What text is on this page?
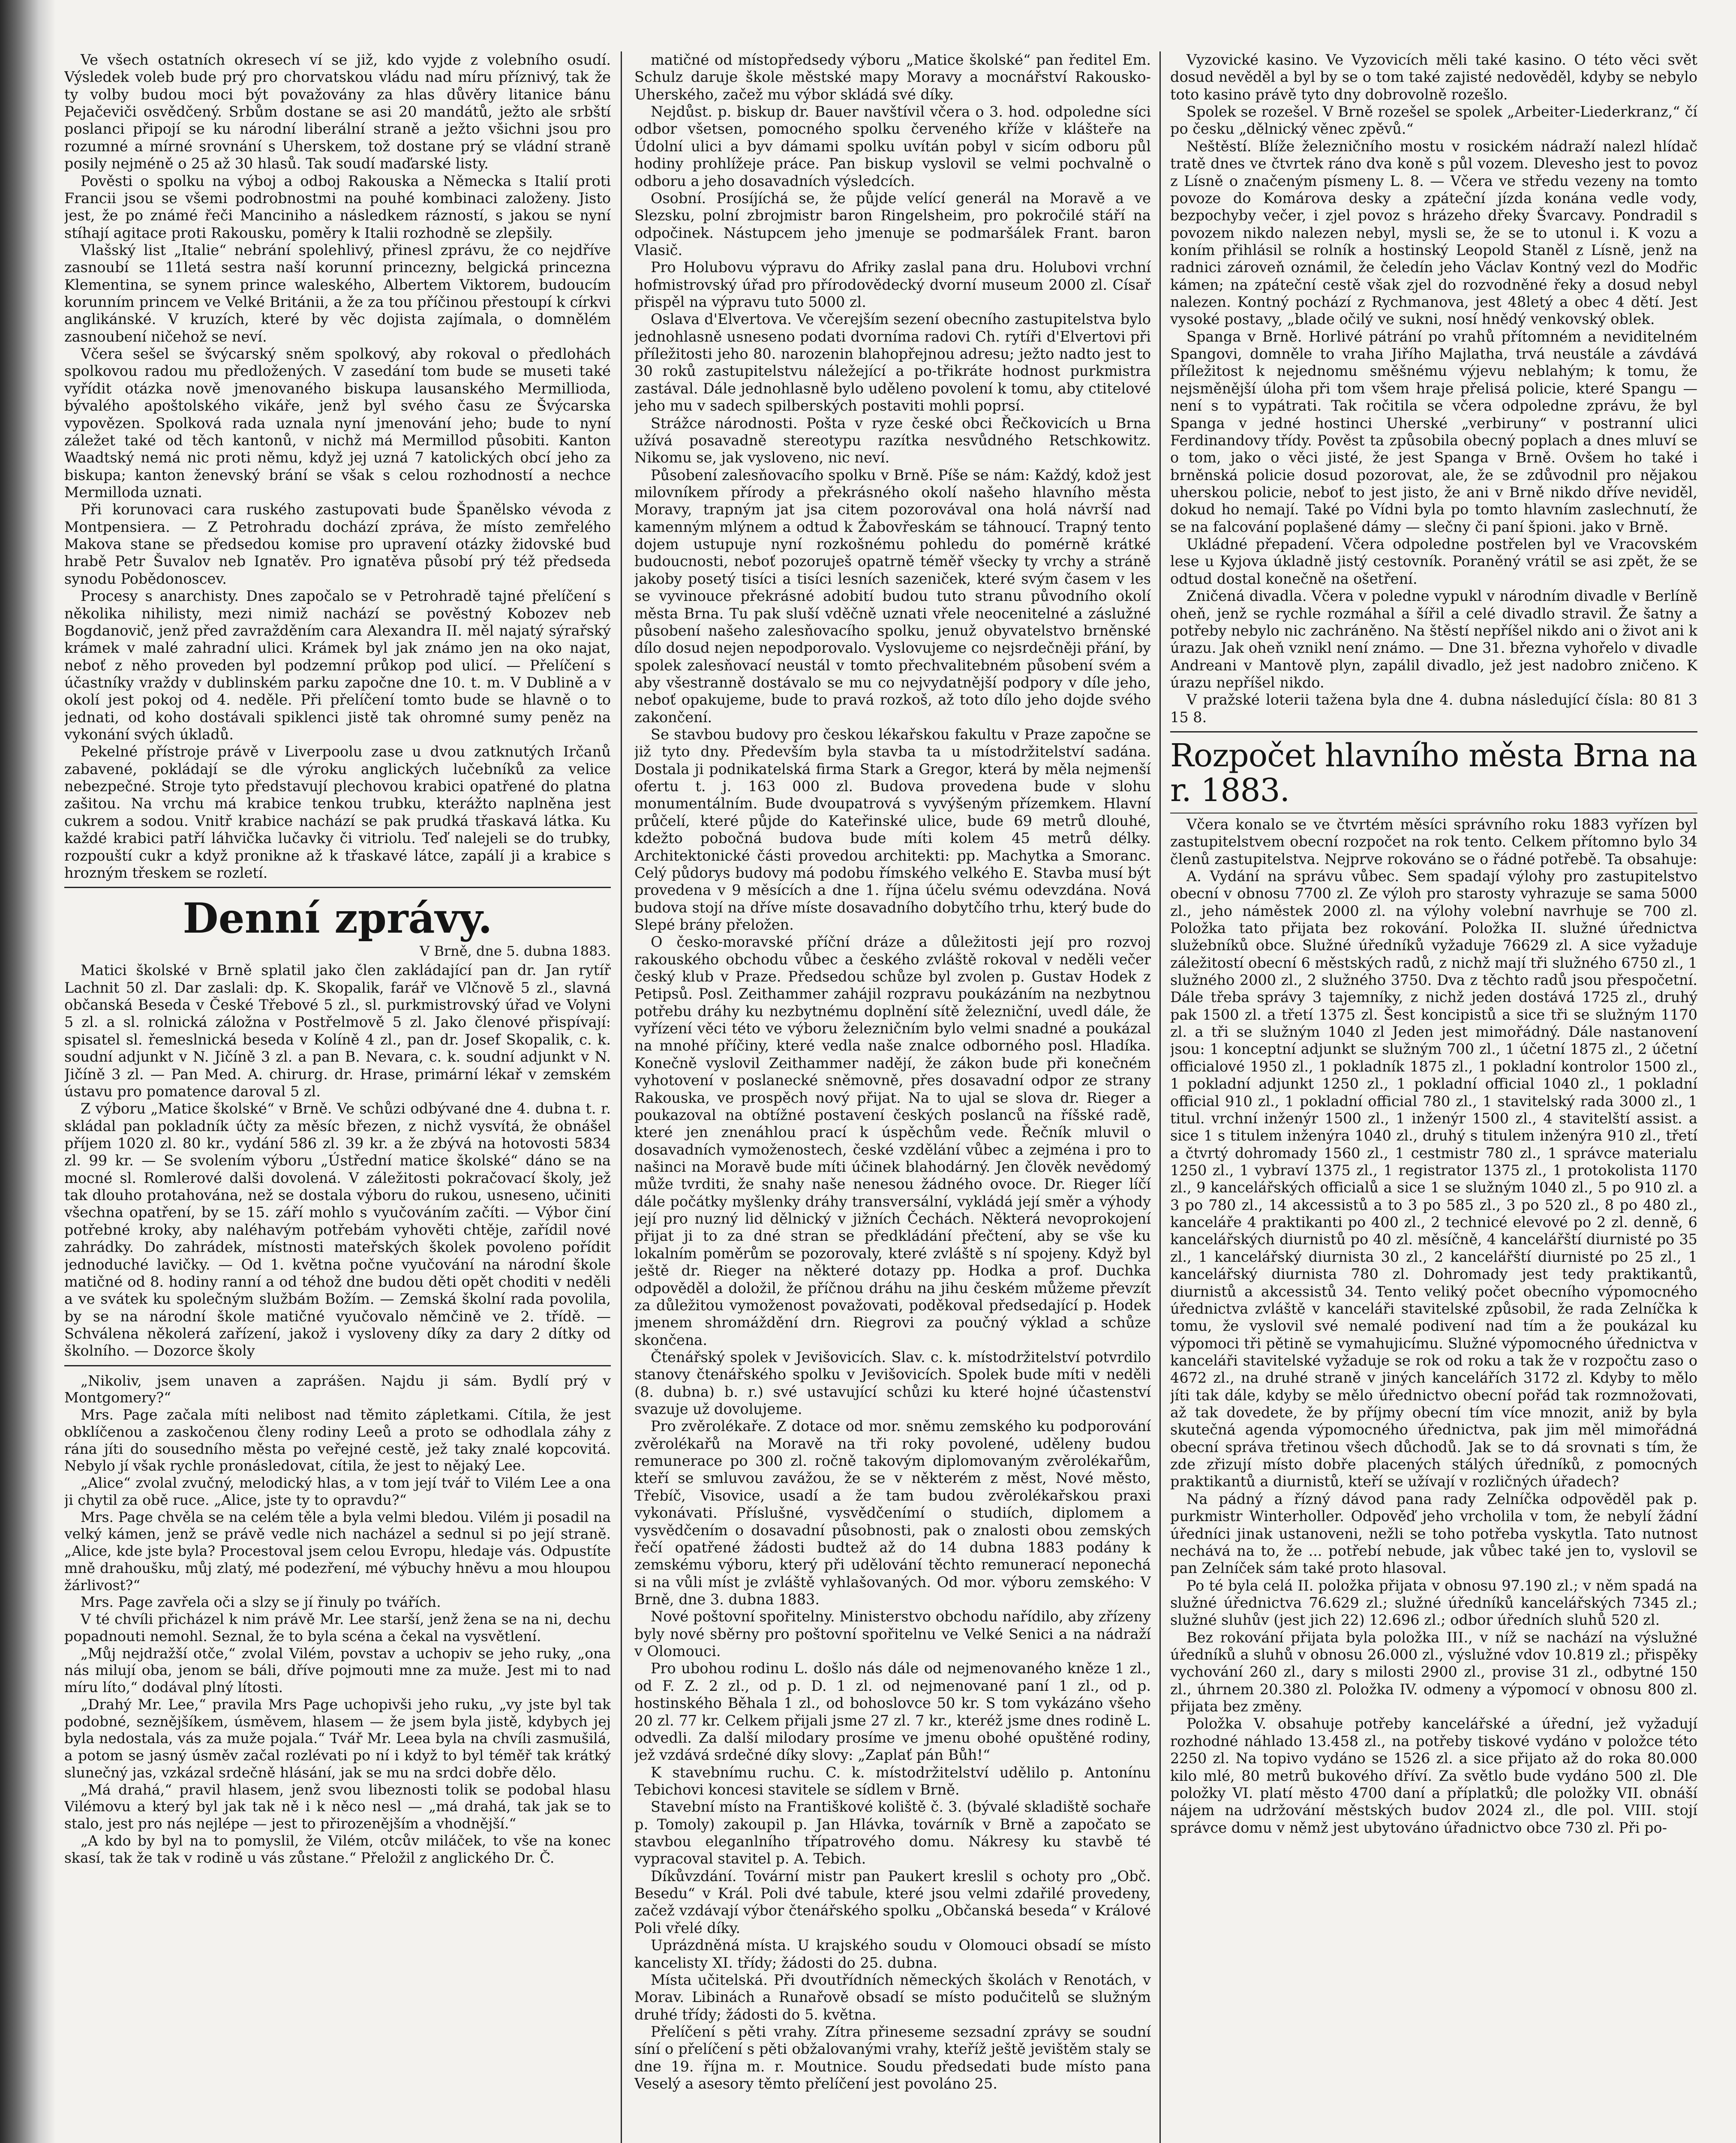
Ve všech ostatních okresech ví se již, kdo vyjde z volebního osudí. Výsledek voleb bude prý pro chorvatskou vládu nad míru příznivý, tak že ty volby budou moci být považovány za hlas důvěry litanice bánu Pejačeviči osvědčený. Srbům dostane se asi 20 mandátů, ježto ale srbští poslanci připojí se ku národní liberální straně a ježto všichni jsou pro rozumné a mírné srovnání s Uherskem, tož dostane prý se vládní straně posily nejméně o 25 až 30 hlasů. Tak soudí maďarské listy.

Pověsti o spolku na výboj a odboj Rakouska a Německa s Italií proti Francii jsou se všemi podrobnostmi na pouhé kombinaci založeny. Jisto jest, že po známé řeči Manciniho a následkem rázností, s jakou se nyní stíhají agitace proti Rakousku, poměry k Italii rozhodně se zlepšily.

Vlašský list „Italie“ nebrání spolehlivý, přinesl zprávu, že co nejdříve zasnoubí se 11letá sestra naší korunní princezny, belgická princezna Klementina, se synem prince waleského, Albertem Viktorem, budoucím korunním princem ve Velké Británii, a že za tou příčinou přestoupí k církvi anglikánské. V kruzích, které by věc dojista zajímala, o domnělém zasnoubení ničehož se neví.

Včera sešel se švýcarský sněm spolkový, aby rokoval o předlohách spolkovou radou mu předložených. V zasedání tom bude se museti také vyřídit otázka nově jmenovaného biskupa lausanského Mermillioda, bývalého apoštolského vikáře, jenž byl svého času ze Švýcarska vypovězen. Spolková rada uznala nyní jmenování jeho; bude to nyní záležet také od těch kantonů, v nichž má Mermillod působiti. Kanton Waadtský nemá nic proti němu, když jej uzná 7 katolických obcí jeho za biskupa; kanton ženevský brání se však s celou rozhodností a nechce Mermilloda uznati.

Při korunovaci cara ruského zastupovati bude Španělsko vévoda z Montpensiera. — Z Petrohradu dochází zpráva, že místo zemřelého Makova stane se předsedou komise pro upravení otázky židovské bud hrabě Petr Šuvalov neb Ignatěv. Pro ignatěva působí prý též předseda synodu Pobědonoscev.

Procesy s anarchisty. Dnes započalo se v Petrohradě tajné přelíčení s několika nihilisty, mezi nimiž nachází se pověstný Kobozev neb Bogdanovič, jenž před zavražděním cara Alexandra II. měl najatý sýrařský krámek v malé zahradní ulici. Krámek byl jak známo jen na oko najat, neboť z něho proveden byl podzemní průkop pod ulicí. — Přelíčení s účastníky vraždy v dublinském parku započne dne 10. t. m. V Dublině a v okolí jest pokoj od 4. neděle. Při přelíčení tomto bude se hlavně o to jednati, od koho dostávali spiklenci jistě tak ohromné sumy peněz na vykonání svých úkladů.

Pekelné přístroje právě v Liverpoolu zase u dvou zatknutých Irčanů zabavené, pokládají se dle výroku anglických lučebníků za velice nebezpečné. Stroje tyto představují plechovou krabici opatřené do platna zašitou. Na vrchu má krabice tenkou trubku, kterážto naplněna jest cukrem a sodou. Vnitř krabice nachází se pak prudká třaskavá látka. Ku každé krabici patří láhvička lučavky či vitriolu. Teď nalejeli se do trubky, rozpouští cukr a když pronikne až k třaskavé látce, zapálí ji a krabice s hrozným třeskem se rozletí.

Denní zprávy.
V Brně, dne 5. dubna 1883.

Matici školské v Brně splatil jako člen zakládající pan dr. Jan rytíř Lachnit 50 zl. Dar zaslali: dp. K. Skopalik, farář ve Vlčnově 5 zl., slavná občanská Beseda v České Třebové 5 zl., sl. purkmistrovský úřad ve Volyni 5 zl. a sl. rolnická záložna v Postřelmově 5 zl. Jako členové přispívají: spisatel sl. řemeslnická beseda v Kolíně 4 zl., pan dr. Josef Skopalik, c. k. soudní adjunkt v N. Jičíně 3 zl. a pan B. Nevara, c. k. soudní adjunkt v N. Jičíně 3 zl. — Pan Med. A. chirurg. dr. Hrase, primární lékař v zemském ústavu pro pomatence daroval 5 zl.

Z výboru „Matice školské“ v Brně. Ve schůzi odbývané dne 4. dubna t. r. skládal pan pokladník účty za měsíc březen, z nichž vysvítá, že obnášel příjem 1020 zl. 80 kr., vydání 586 zl. 39 kr. a že zbývá na hotovosti 5834 zl. 99 kr. — Se svolením výboru „Ústřední matice školské“ dáno se na mocné sl. Romlerové dalši dovolená. V záležitosti pokračovací školy, jež tak dlouho protahována, než se dostala výboru do rukou, usneseno, učiniti všechna opatření, by se 15. září mohlo s vyučováním začíti. — Výbor činí potřebné kroky, aby naléhavým potřebám vyhověti chtěje, zařídil nové zahrádky. Do zahrádek, místnosti mateřských školek povoleno pořídit jednoduché lavičky. — Od 1. května počne vyučování na národní škole matičné od 8. hodiny ranní a od téhož dne budou děti opět choditi v neděli a ve svátek ku společným službám Božím. — Zemská školní rada povolila, by se na národní škole matičné vyučovalo němčině ve 2. třídě. — Schválena několerá zařízení, jakož i vysloveny díky za dary 2 dítky od školního. — Dozorce školy

„Nikoliv, jsem unaven a zaprášen. Najdu ji sám. Bydlí prý v Montgomery?“

Mrs. Page začala míti nelibost nad těmito zápletkami. Cítila, že jest obklíčenou a zaskočenou členy rodiny Leeů a proto se odhodlala záhy z rána jíti do sousedního města po veřejné cestě, jež taky znalé kopcovitá. Nebylo jí však rychle pronásledovat, cítila, že jest to nějaký Lee.

„Alice“ zvolal zvučný, melodický hlas, a v tom její tvář to Vilém Lee a ona ji chytil za obě ruce. „Alice, jste ty to opravdu?“

Mrs. Page chvěla se na celém těle a byla velmi bledou. Vilém ji posadil na velký kámen, jenž se právě vedle nich nacházel a sednul si po její straně. „Alice, kde jste byla? Procestoval jsem celou Evropu, hledaje vás. Odpustíte mně drahoušku, můj zlatý, mé podezření, mé výbuchy hněvu a mou hloupou žárlivost?“

Mrs. Page zavřela oči a slzy se jí řinuly po tvářích.

V té chvíli přicházel k nim právě Mr. Lee starší, jenž žena se na ni, dechu popadnouti nemohl. Seznal, že to byla scéna a čekal na vysvětlení.

„Můj nejdražší otče,“ zvolal Vilém, povstav a uchopiv se jeho ruky, „ona nás milují oba, jenom se báli, dříve pojmouti mne za muže. Jest mi to nad míru líto,“ dodával plný lítosti.

„Drahý Mr. Lee,“ pravila Mrs Page uchopivši jeho ruku, „vy jste byl tak podobné, seznějšíkem, úsměvem, hlasem — že jsem byla jistě, kdybych jej byla nedostala, vás za muže pojala.“ Tvář Mr. Leea byla na chvíli zasmušilá, a potom se jasný úsměv začal rozlévati po ní i když to byl téměř tak krátký slunečný jas, vzkázal srdečně hlásání, jak se mu na srdci dobře dělo.

„Má drahá,“ pravil hlasem, jenž svou libeznosti tolik se podobal hlasu Vilémovu a který byl jak tak ně i k něco nesl — „má drahá, tak jak se to stalo, jest pro nás nejlépe — jest to přirozenějším a vhodnější.“

„A kdo by byl na to pomyslil, že Vilém, otcův miláček, to vše na konec skasí, tak že tak v rodině u vás zůstane.“ Přeložil z anglického Dr. Č.

matičné od místopředsedy výboru „Matice školské“ pan ředitel Em. Schulz daruje škole městské mapy Moravy a mocnářství Rakousko-Uherského, začež mu výbor skládá své díky.

Nejdůst. p. biskup dr. Bauer navštívil včera o 3. hod. odpoledne síci odbor všetsen, pomocného spolku červeného kříže v klášteře na Údolní ulici a byv dámami spolku uvítán pobyl v sicím odboru půl hodiny prohlížeje práce. Pan biskup vyslovil se velmi pochvalně o odboru a jeho dosavadních výsledcích.

Osobní. Prosíjíchá se, že půjde velící generál na Moravě a ve Slezsku, polní zbrojmistr baron Ringelsheim, pro pokročilé stáří na odpočinek. Nástupcem jeho jmenuje se podmaršálek Frant. baron Vlasič.

Pro Holubovu výpravu do Afriky zaslal pana dru. Holubovi vrchní hofmistrovský úřad pro přírodovědecký dvorní museum 2000 zl. Císař přispěl na výpravu tuto 5000 zl.

Oslava d'Elvertova. Ve včerejším sezení obecního zastupitelstva bylo jednohlasně usneseno podati dvorníma radovi Ch. rytíři d'Elvertovi při příležitosti jeho 80. narozenin blahopřejnou adresu; ježto nadto jest to 30 roků zastupitelstvu náležející a po-třikráte hodnost purkmistra zastával. Dále jednohlasně bylo uděleno povolení k tomu, aby ctitelové jeho mu v sadech spilberských postaviti mohli poprsí.

Strážce národnosti. Pošta v ryze české obci Řečkovicích u Brna užívá posavadně stereotypu razítka nesvůdného Retschkowitz. Nikomu se, jak vysloveno, nic neví.

Působení zalesňovacího spolku v Brně. Píše se nám: Každý, kdož jest milovníkem přírody a překrásného okolí našeho hlavního města Moravy, trapným jat jsa citem pozorovával ona holá návrší nad kamenným mlýnem a odtud k Žabovřeskám se táhnoucí. Trapný tento dojem ustupuje nyní rozkošnému pohledu do pomérně krátké budoucnosti, neboť pozoruješ opatrně téměř všecky ty vrchy a stráně jakoby posetý tisíci a tisíci lesních sazeniček, které svým časem v les se vyvinouce překrásné adobití budou tuto stranu původního okolí města Brna. Tu pak sluší vděčně uznati vřele neocenitelné a záslužné působení našeho zalesňovacího spolku, jenuž obyvatelstvo brněnské dílo dosud nejen nepodporovalo. Vyslovujeme co nejsrdečněji přání, by spolek zalesňovací neustál v tomto přechvalitebném působení svém a aby všestranně dostávalo se mu co nejvydatnější podpory v díle jeho, neboť opakujeme, bude to pravá rozkoš, až toto dílo jeho dojde svého zakončení.

Se stavbou budovy pro českou lékařskou fakultu v Praze započne se již tyto dny. Především byla stavba ta u místodržitelství sadána. Dostala ji podnikatelská firma Stark a Gregor, která by měla nejmenší ofertu t. j. 163 000 zl. Budova provedena bude v slohu monumentálním. Bude dvoupatrová s vyvýšeným přízemkem. Hlavní průčelí, které půjde do Kateřinské ulice, bude 69 metrů dlouhé, kdežto pobočná budova bude míti kolem 45 metrů délky. Architektonické části provedou architekti: pp. Machytka a Smoranc. Celý půdorys budovy má podobu římského velkého E. Stavba musí být provedena v 9 měsících a dne 1. října účelu svému odevzdána. Nová budova stojí na dříve míste dosavadního dobytčího trhu, který bude do Slepé brány přeložen.

O česko-moravské příční dráze a důležitosti její pro rozvoj rakouského obchodu vůbec a českého zvláště rokoval v neděli večer český klub v Praze. Předsedou schůze byl zvolen p. Gustav Hodek z Petipsů. Posl. Zeithammer zahájil rozpravu poukázáním na nezbytnou potřebu dráhy ku nezbytnému doplnění sítě železniční, uvedl dále, že vyřízení věci této ve výboru železničním bylo velmi snadné a poukázal na mnohé příčiny, které vedla naše znalce odborného posl. Hladíka. Konečně vyslovil Zeithammer nadějí, že zákon bude při konečném vyhotovení v poslanecké sněmovně, přes dosavadní odpor ze strany Rakouska, ve prospěch nový přijat. Na to ujal se slova dr. Rieger a poukazoval na obtížné postavení českých poslanců na říšské radě, které jen znenáhlou prací k úspěchům vede. Řečník mluvil o dosavadních vymoženostech, české vzdělání vůbec a zejména i pro to našinci na Moravě bude míti účinek blahodárný. Jen člověk nevědomý může tvrditi, že snahy naše nenesou žádného ovoce. Dr. Rieger líčí dále počátky myšlenky dráhy transversální, vykládá její směr a výhody její pro nuzný lid dělnický v jižních Čechách. Některá nevoprokojení přijat ji to za dné stran se předkládání přečtení, aby se vše ku lokalním poměrům se pozorovaly, které zvláště s ní spojeny. Když byl ještě dr. Rieger na některé dotazy pp. Hodka a prof. Duchka odpověděl a doložil, že příčnou dráhu na jihu českém můžeme převzít za důležitou vymoženost považovati, poděkoval předsedající p. Hodek jmenem shromáždění drn. Riegrovi za poučný výklad a schůze skončena.

Čtenářský spolek v Jevišovicích. Slav. c. k. místodržitelství potvrdilo stanovy čtenářského spolku v Jevišovicích. Spolek bude míti v neděli (8. dubna) b. r.) své ustavující schůzi ku které hojné účastenství svazuje už dovolujeme.

Pro zvěrolékaře. Z dotace od mor. sněmu zemského ku podporování zvěrolékařů na Moravě na tři roky povolené, uděleny budou remunerace po 300 zl. ročně takovým diplomovaným zvěrolékařům, kteří se smluvou zavážou, že se v některém z měst, Nové město, Třebíč, Visovice, usadí a že tam budou zvěrolékařskou praxi vykonávati. Příslušné, vysvědčenímí o studiích, diplomem a vysvědčením o dosavadní působnosti, pak o znalosti obou zemských řečí opatřené žádosti budtež až do 14 dubna 1883 podány k zemskému výboru, který při udělování těchto remunerací neponechá si na vůli míst je zvláště vyhlašovaných. Od mor. výboru zemského: V Brně, dne 3. dubna 1883.

Nové poštovní spořitelny. Ministerstvo obchodu nařídilo, aby zřízeny byly nové sběrny pro poštovní spořitelnu ve Velké Senici a na nádraží v Olomouci.

Pro ubohou rodinu L. došlo nás dále od nejmenovaného kněze 1 zl., od F. Z. 2 zl., od p. D. 1 zl. od nejmenované paní 1 zl., od p. hostinského Běhala 1 zl., od bohoslovce 50 kr. S tom vykázáno všeho 20 zl. 77 kr. Celkem přijali jsme 27 zl. 7 kr., kteréž jsme dnes rodině L. odvedli. Za další milodary prosíme ve jmenu obohé opuštěné rodiny, jež vzdává srdečné díky slovy: „Zaplať pán Bůh!“

K stavebnímu ruchu. C. k. místodržitelství udělilo p. Antonínu Tebichovi koncesi stavitele se sídlem v Brně.

Stavební místo na Františkové koliště č. 3. (bývalé skladiště sochaře p. Tomoly) zakoupil p. Jan Hlávka, továrník v Brně a započato se stavbou eleganlního třípatrového domu. Nákresy ku stavbě té vypracoval stavitel p. A. Tebich.

Díkůvzdání. Tovární mistr pan Paukert kreslil s ochoty pro „Obč. Besedu“ v Král. Poli dvé tabule, které jsou velmi zdařilé provedeny, začež vzdávají výbor čtenářského spolku „Občanská beseda“ v Králové Poli vřelé díky.

Uprázdněná místa. U krajského soudu v Olomouci obsadí se místo kancelisty XI. třídy; žádosti do 25. dubna.

Místa učitelská. Při dvoutřídních německých školách v Renotách, v Morav. Libinách a Runařově obsadí se místo podučitelů se služným druhé třídy; žádosti do 5. května.

Přelíčení s pěti vrahy. Zítra přineseme sezsadní zprávy se soudní síní o přelíčení s pěti obžalovanými vrahy, kteříž ještě jevištěm staly se dne 19. října m. r. Moutnice. Soudu předsedati bude místo pana Veselý a asesory těmto přelíčení jest povoláno 25.

Vyzovické kasino. Ve Vyzovicích měli také kasino. O této věci svět dosud nevěděl a byl by se o tom také zajisté nedověděl, kdyby se nebylo toto kasino právě tyto dny dobrovolně rozešlo.

Spolek se rozešel. V Brně rozešel se spolek „Arbeiter-Liederkranz,“ čí po česku „dělnický věnec zpěvů.“

Neštěstí. Blíže železničního mostu v rosickém nádraží nalezl hlídač tratě dnes ve čtvrtek ráno dva koně s půl vozem. Dlevesho jest to povoz z Lísně o značeným písmeny L. 8. — Včera ve středu vezeny na tomto povoze do Komárova desky a zpáteční jízda konána vedle vody, bezpochyby večer, i zjel povoz s hrázeho dřeky Švarcavy. Pondradil s povozem nikdo nalezen nebyl, mysli se, že se to utonul i. K vozu a koním přihlásil se rolník a hostinský Leopold Staněl z Lísně, jenž na radnici zároveň oznámil, že čeledín jeho Václav Kontný vezl do Modřic kámen; na zpáteční cestě však zjel do rozvodněné řeky a dosud nebyl nalezen. Kontný pochází z Rychmanova, jest 48letý a obec 4 dětí. Jest vysoké postavy, „blade očilý ve sukni, nosí hnědý venkovský oblek.

Spanga v Brně. Horlivé pátrání po vrahů přítomném a neviditelném Spangovi, domněle to vraha Jiřího Majlatha, trvá neustále a závdává příležitost k nejednomu směšnému výjevu neblahým; k tomu, že nejsměnější úloha při tom všem hraje přelisá policie, které Spangu — není s to vypátrati. Tak ročitila se včera odpoledne zprávu, že byl Spanga v jedné hostinci Uherské „verbiruny“ v postranní ulici Ferdinandovy třídy. Pověst ta způsobila obecný poplach a dnes mluví se o tom, jako o věci jisté, že jest Spanga v Brně. Ovšem ho také i brněnská policie dosud pozorovat, ale, že se zdůvodnil pro nějakou uherskou policie, neboť to jest jisto, že ani v Brně nikdo dříve neviděl, dokud ho nemají. Také po Vídni byla po tomto hlavním zaslechnutí, že se na falcování poplašené dámy — slečny či paní špioni. jako v Brně.

Ukládné přepadení. Včera odpoledne postřelen byl ve Vracovském lese u Kyjova úkladně jistý cestovník. Poraněný vrátil se asi zpět, že se odtud dostal konečně na ošetření.

Zničená divadla. Včera v poledne vypukl v národním divadle v Berlíně oheň, jenž se rychle rozmáhal a šířil a celé divadlo stravil. Že šatny a potřeby nebylo nic zachráněno. Na štěstí nepříšel nikdo ani o život ani k úrazu. Jak oheň vznikl není známo. — Dne 31. března vyhořelo v divadle Andreani v Mantově plyn, zapálil divadlo, jež jest nadobro zničeno. K úrazu nepříšel nikdo.

V pražské loterii tažena byla dne 4. dubna následující čísla: 80 81 3 15 8.

Rozpočet hlavního města Brna na r. 1883.

Včera konalo se ve čtvrtém měsíci správního roku 1883 vyřízen byl zastupitelstvem obecní rozpočet na rok tento. Celkem přítomno bylo 34 členů zastupitelstva. Nejprve rokováno se o řádné potřebě. Ta obsahuje:

A. Vydání na správu vůbec. Sem spadají výlohy pro zastupitelstvo obecní v obnosu 7700 zl. Ze výloh pro starosty vyhrazuje se sama 5000 zl., jeho náměstek 2000 zl. na výlohy volební navrhuje se 700 zl. Položka tato přijata bez rokování. Položka II. služné úřednictva služebníků obce. Služné úředníků vyžaduje 76629 zl. A sice vyžaduje záležitostí obecní 6 městských radů, z nichž mají tři služného 6750 zl., 1 služného 2000 zl., 2 služného 3750. Dva z těchto radů jsou přespočetní. Dále třeba správy 3 tajemníky, z nichž jeden dostává 1725 zl., druhý pak 1500 zl. a třetí 1375 zl. Šest koncipistů a sice tři se služným 1170 zl. a tři se služným 1040 zl Jeden jest mimořádný. Dále nastanovení jsou: 1 konceptní adjunkt se služným 700 zl., 1 účetní 1875 zl., 2 účetní officialové 1950 zl., 1 pokladník 1875 zl., 1 pokladní kontrolor 1500 zl., 1 pokladní adjunkt 1250 zl., 1 pokladní official 1040 zl., 1 pokladní official 910 zl., 1 pokladní official 780 zl., 1 stavitelský rada 3000 zl., 1 titul. vrchní inženýr 1500 zl., 1 inženýr 1500 zl., 4 stavitelští assist. a sice 1 s titulem inženýra 1040 zl., druhý s titulem inženýra 910 zl., třetí a čtvrtý dohromady 1560 zl., 1 cestmistr 780 zl., 1 správce materialu 1250 zl., 1 vybraví 1375 zl., 1 registrator 1375 zl., 1 protokolista 1170 zl., 9 kancelářských officialů a sice 1 se služným 1040 zl., 5 po 910 zl. a 3 po 780 zl., 14 akcessistů a to 3 po 585 zl., 3 po 520 zl., 8 po 480 zl., kanceláře 4 praktikanti po 400 zl., 2 technicé elevové po 2 zl. denně, 6 kancelářských diurnistů po 40 zl. měsíčně, 4 kancelářští diurnisté po 35 zl., 1 kancelářský diurnista 30 zl., 2 kancelářští diurnisté po 25 zl., 1 kancelářský diurnista 780 zl. Dohromady jest tedy praktikantů, diurnistů a akcessistů 34. Tento veliký počet obecního výpomocného úřednictva zvláště v kanceláři stavitelské způsobil, že rada Zelníčka k tomu, že vyslovil své nemalé podivení nad tím a že poukázal ku výpomoci tři pětině se vymahujicímu. Služné výpomocného úřednictva v kanceláři stavitelské vyžaduje se rok od roku a tak že v rozpočtu zaso o 4672 zl., na druhé straně v jiných kancelářích 3172 zl. Kdyby to mělo jíti tak dále, kdyby se mělo úřednictvo obecní pořád tak rozmnožovati, až tak dovedete, že by příjmy obecní tím více mnozit, aniž by byla skutečná agenda výpomocného úřednictva, pak jim měl mimořádná obecní správa třetinou všech důchodů. Jak se to dá srovnati s tím, že zde zřizují místo dobře placených stálých úředníků, z pomocných praktikantů a diurnistů, kteří se užívají v rozličných úřadech?

Na pádný a řízný dávod pana rady Zelníčka odpověděl pak p. purkmistr Winterholler. Odpověď jeho vrcholila v tom, že nebylí žádní úředníci jinak ustanoveni, nežli se toho potřeba vyskytla. Tato nutnost nechává na to, že ... potřebí nebude, jak vůbec také jen to, vyslovil se pan Zelníček sám také proto hlasoval.

Po té byla celá II. položka přijata v obnosu 97.190 zl.; v něm spadá na služné úřednictva 76.629 zl.; služné úředníků kancelářských 7345 zl.; služné sluhův (jest jich 22) 12.696 zl.; odbor úředních sluhů 520 zl.

Bez rokování přijata byla položka III., v níž se nachází na výslužné úředníků a sluhů v obnosu 26.000 zl., výslužné vdov 10.819 zl.; přispěky vychování 260 zl., dary s milosti 2900 zl., provise 31 zl., odbytné 150 zl., úhrnem 20.380 zl. Položka IV. odmeny a výpomocí v obnosu 800 zl. přijata bez změny.

Položka V. obsahuje potřeby kancelářské a úřední, jež vyžadují rozhodné náhlado 13.458 zl., na potřeby tiskové vydáno v položce této 2250 zl. Na topivo vydáno se 1526 zl. a sice přijato až do roka 80.000 kilo mlé, 80 metrů bukového dříví. Za světlo bude vydáno 500 zl. Dle položky VI. platí město 4700 daní a příplatků; dle položky VII. obnáší nájem na udržování městských budov 2024 zl., dle pol. VIII. stojí správce domu v němž jest ubytováno úřadnictvo obce 730 zl. Při po-
